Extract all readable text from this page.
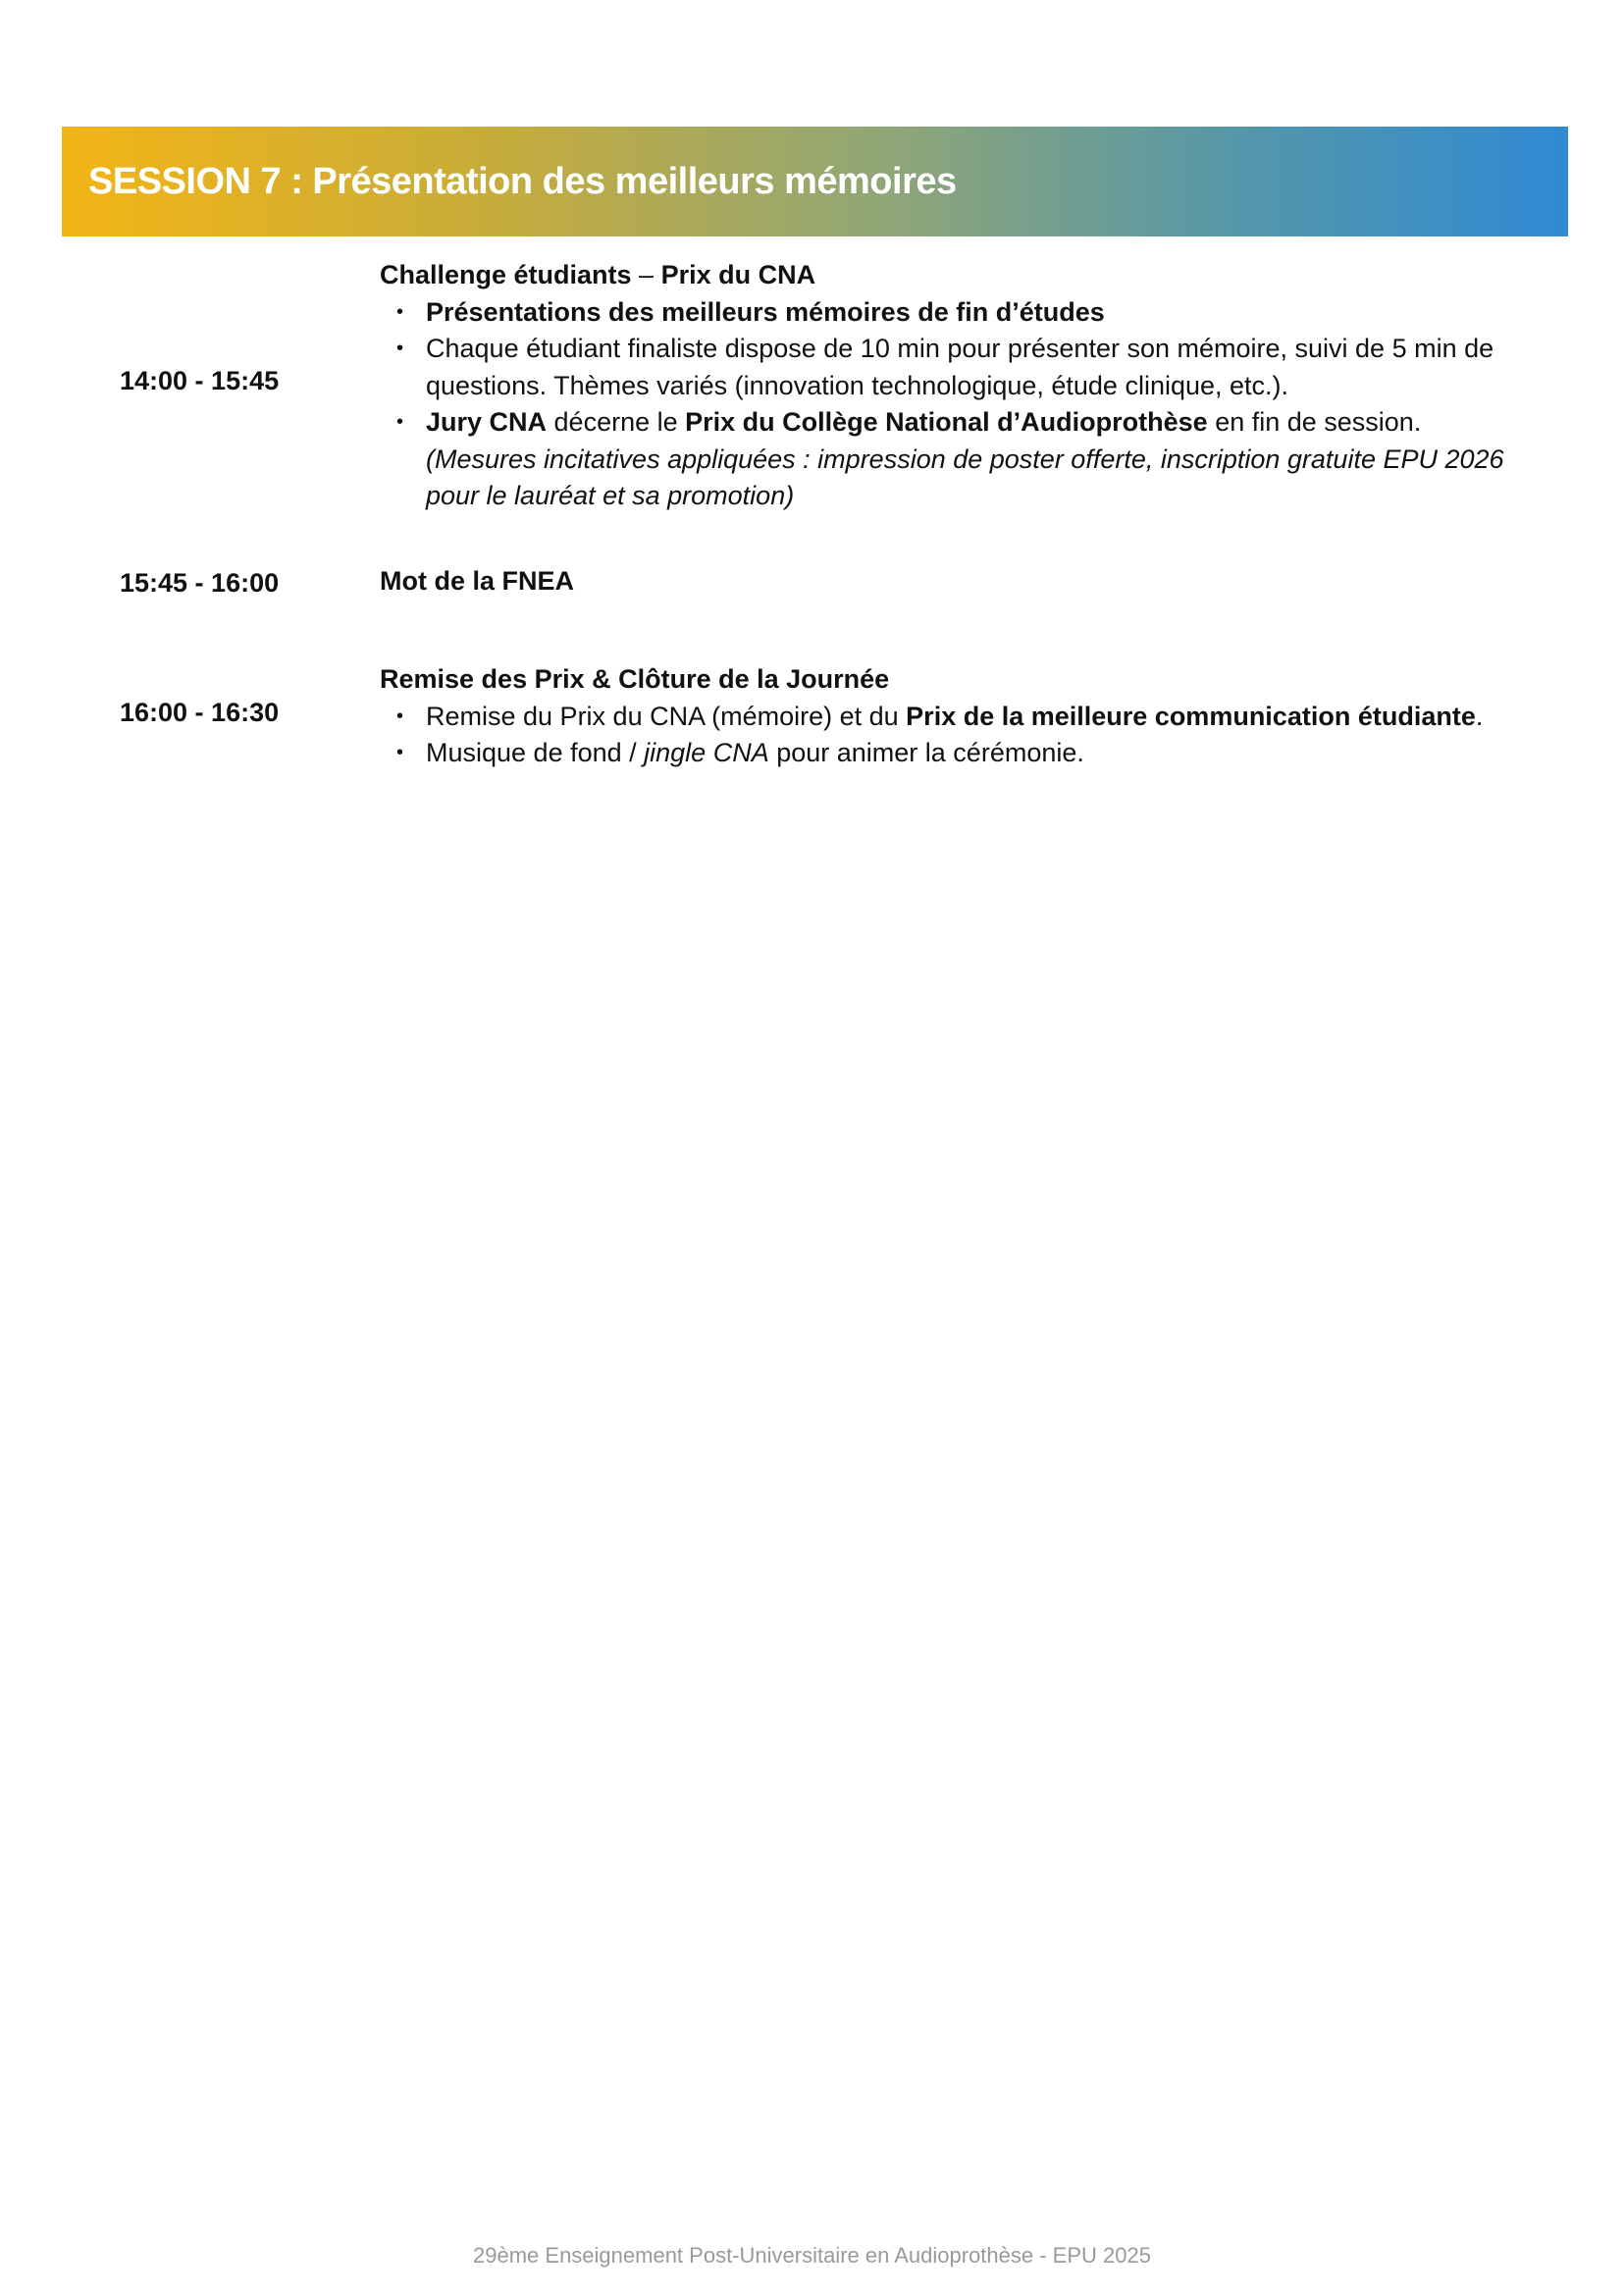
SESSION 7 : Présentation des meilleurs mémoires
14:00 - 15:45
Challenge étudiants – Prix du CNA
• Présentations des meilleurs mémoires de fin d’études
• Chaque étudiant finaliste dispose de 10 min pour présenter son mémoire, suivi de 5 min de questions. Thèmes variés (innovation technologique, étude clinique, etc.).
• Jury CNA décerne le Prix du Collège National d’Audioprothèse en fin de session.
(Mesures incitatives appliquées : impression de poster offerte, inscription gratuite EPU 2026 pour le lauréat et sa promotion)
15:45 - 16:00	Mot de la FNEA
16:00 - 16:30
Remise des Prix & Clôture de la Journée
• Remise du Prix du CNA (mémoire) et du Prix de la meilleure communication étudiante.
• Musique de fond / jingle CNA pour animer la cérémonie.
29ème Enseignement Post-Universitaire en Audioprothèse - EPU 2025
